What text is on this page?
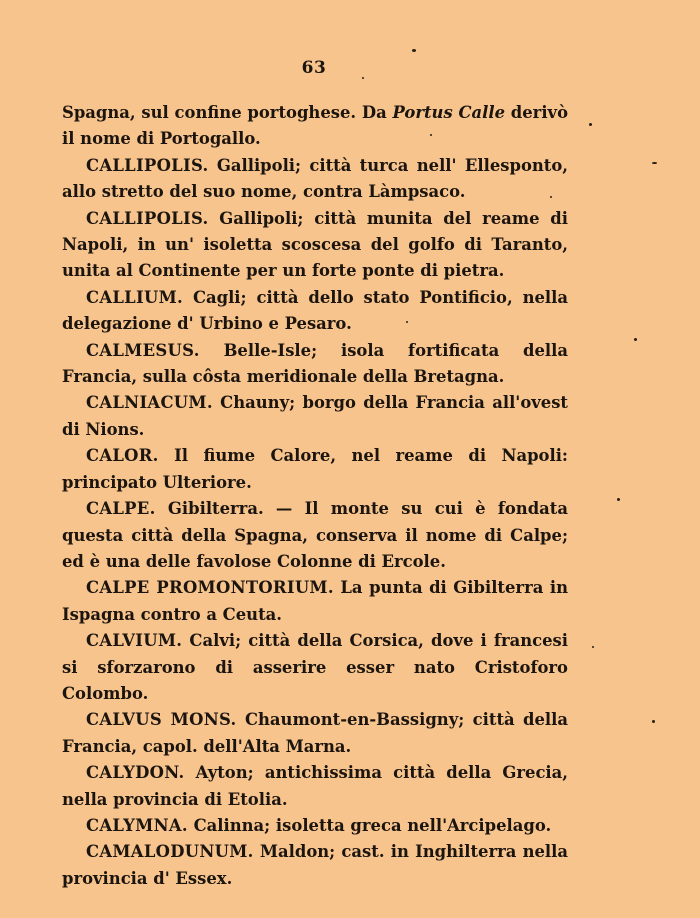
63

Spagna, sul confine portoghese. Da Portus Calle derivò il nome di Portogallo.

CALLIPOLIS. Gallipoli; città turca nell' Ellesponto, allo stretto del suo nome, contra Làmpsaco.

CALLIPOLIS. Gallipoli; città munita del reame di Napoli, in un' isoletta scoscesa del golfo di Taranto, unita al Continente per un forte ponte di pietra.

CALLIUM. Cagli; città dello stato Pontificio, nella delegazione d' Urbino e Pesaro.

CALMESUS. Belle-Isle; isola fortificata della Francia, sulla côsta meridionale della Bretagna.

CALNIACUM. Chauny; borgo della Francia all'ovest di Nions.

CALOR. Il fiume Calore, nel reame di Napoli: principato Ulteriore.

CALPE. Gibilterra. — Il monte su cui è fondata questa città della Spagna, conserva il nome di Calpe; ed è una delle favolose Colonne di Ercole.

CALPE PROMONTORIUM. La punta di Gibilterra in Ispagna contro a Ceuta.

CALVIUM. Calvi; città della Corsica, dove i francesi si sforzarono di asserire esser nato Cristoforo Colombo.

CALVUS MONS. Chaumont-en-Bassigny; città della Francia, capol. dell'Alta Marna.

CALYDON. Ayton; antichissima città della Grecia, nella provincia di Etolia.

CALYMNA. Calinna; isoletta greca nell'Arcipelago.

CAMALODUNUM. Maldon; cast. in Inghilterra nella provincia d' Essex.
